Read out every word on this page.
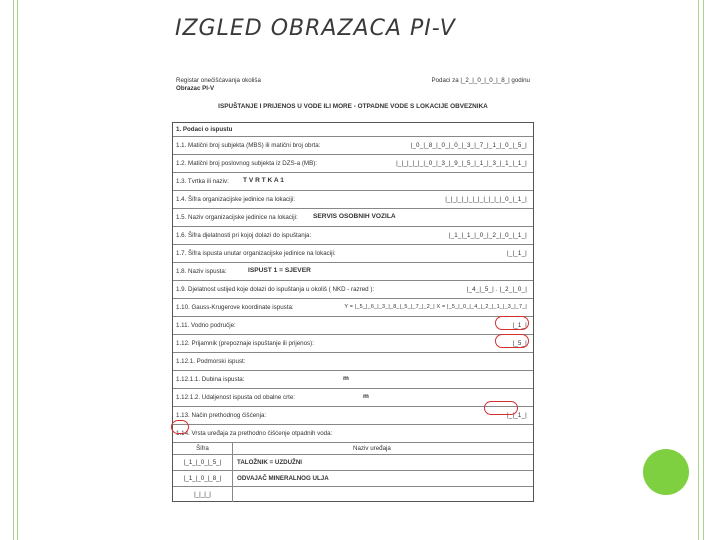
IZGLED OBRAZACA PI-V
Registar onečišćavanja okoliša
Obrazac PI-V
Podaci za |_2_|_0_|_0_|_8_| godinu
ISPUŠTANJE I PRIJENOS U VODE ILI MORE - OTPADNE VODE S LOKACIJE OBVEZNIKA
1. Podaci o ispustu
1.1. Matični broj subjekta (MBS) ili matični broj obrta:	|_0_|_8_|_0_|_0_|_3_|_7_|_1_|_0_|_5_|
1.2. Matični broj poslovnog subjekta iz DZS-a (MB):	|_|_|_|_|_|_0_|_3_|_9_|_5_|_1_|_3_|_1_|_1_|
1.3. Tvrtka ili naziv: T V R T K A 1
1.4. Šifra organizacijske jedinice na lokaciji:	|_|_|_|_|_|_|_|_|_|_|_0_|_1_|
1.5. Naziv organizacijske jedinice na lokaciji: SERVIS OSOBNIH VOZILA
1.6. Šifra djelatnosti pri kojoj dolazi do ispuštanja:	|_1_|_1_|_0_|_2_|_0_|_1_|
1.7. Šifra ispusta unutar organizacijske jedinice na lokaciji:	|_|_1_|
1.8. Naziv ispusta:	ISPUST 1 = SJEVER
1.9. Djelatnost ustijed koje dolazi do ispuštanja u okoliš ( NKD - razred ):	|_4_|_5_| . |_2_|_0_|
1.10. Gauss-Krugerove koordinate ispusta:	Y = |_5_|_6_|_3_|_8_|_5_|_7_|_2_| X = |_5_|_0_|_4_|_2_|_1_|_3_|_7_|
1.11. Vodno područje:	|_1_|
1.12. Prijamnik (prepoznaje ispuštanje ili prijenos):	|_5_|
1.12.1. Podmorski ispust:
1.12.1.1. Dubina ispusta:	m
1.12.1.2. Udaljenost ispusta od obalne crte:	m
1.13. Način prethodnog čišćenja:	|_|_1_|
1.14. Vrsta uređaja za prethodno čišćenje otpadnih voda:
Šifra	Naziv uređaja
|_1_|_0_|_5_|	TALOŽNIK = UZDUŽNI
|_1_|_0_|_8_|	ODVAJAČ MINERALNOG ULJA
|_|_|_|
